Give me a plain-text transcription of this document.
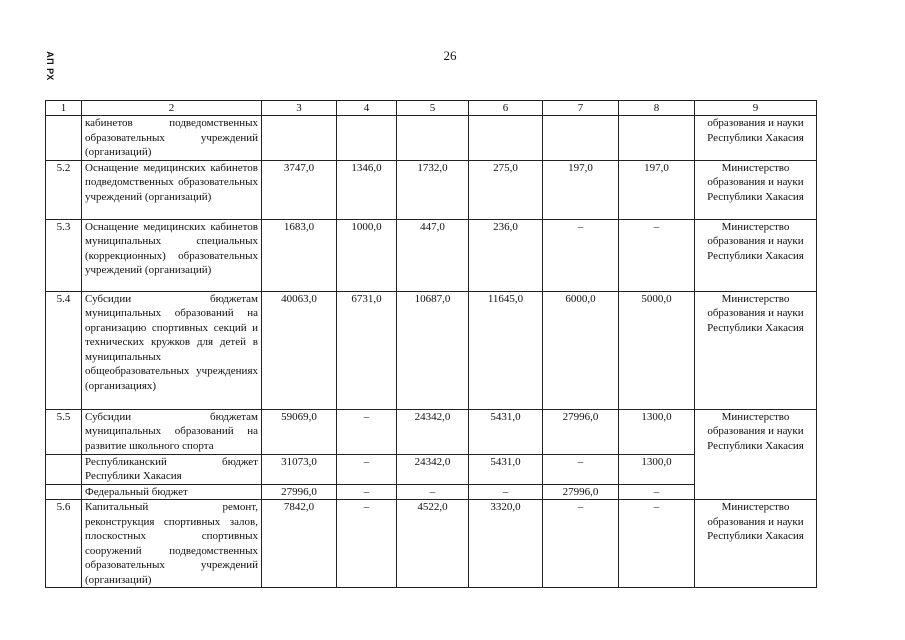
АП РХ	26
1	2	3	4	5	6	7	8	9

	кабинетов подведомственных образовательных учреждений (организаций)							образования и науки Республики Хакасия
5.2	Оснащение медицинских кабинетов подведомственных образовательных учреждений (организаций)	3747,0	1346,0	1732,0	275,0	197,0	197,0	Министерство образования и науки Республики Хакасия
5.3	Оснащение медицинских кабинетов муниципальных специальных (коррекционных) образовательных учреждений (организаций)	1683,0	1000,0	447,0	236,0	–	–	Министерство образования и науки Республики Хакасия
5.4	Субсидии бюджетам муниципальных образований на организацию спортивных секций и технических кружков для детей в муниципальных общеобразовательных учреждениях (организациях)	40063,0	6731,0	10687,0	11645,0	6000,0	5000,0	Министерство образования и науки Республики Хакасия
5.5	Субсидии бюджетам муниципальных образований на развитие школьного спорта	59069,0	–	24342,0	5431,0	27996,0	1300,0	Министерство образования и науки Республики Хакасия

	Республиканский бюджет Республики Хакасия	31073,0	–	24342,0	5431,0	–	1300,0	

	Федеральный бюджет	27996,0	–	–	–	27996,0	–	
5.6	Капитальный ремонт, реконструкция спортивных залов, плоскостных спортивных сооружений подведомственных образовательных учреждений (организаций)	7842,0	–	4522,0	3320,0	–	–	Министерство образования и науки Республики Хакасия
